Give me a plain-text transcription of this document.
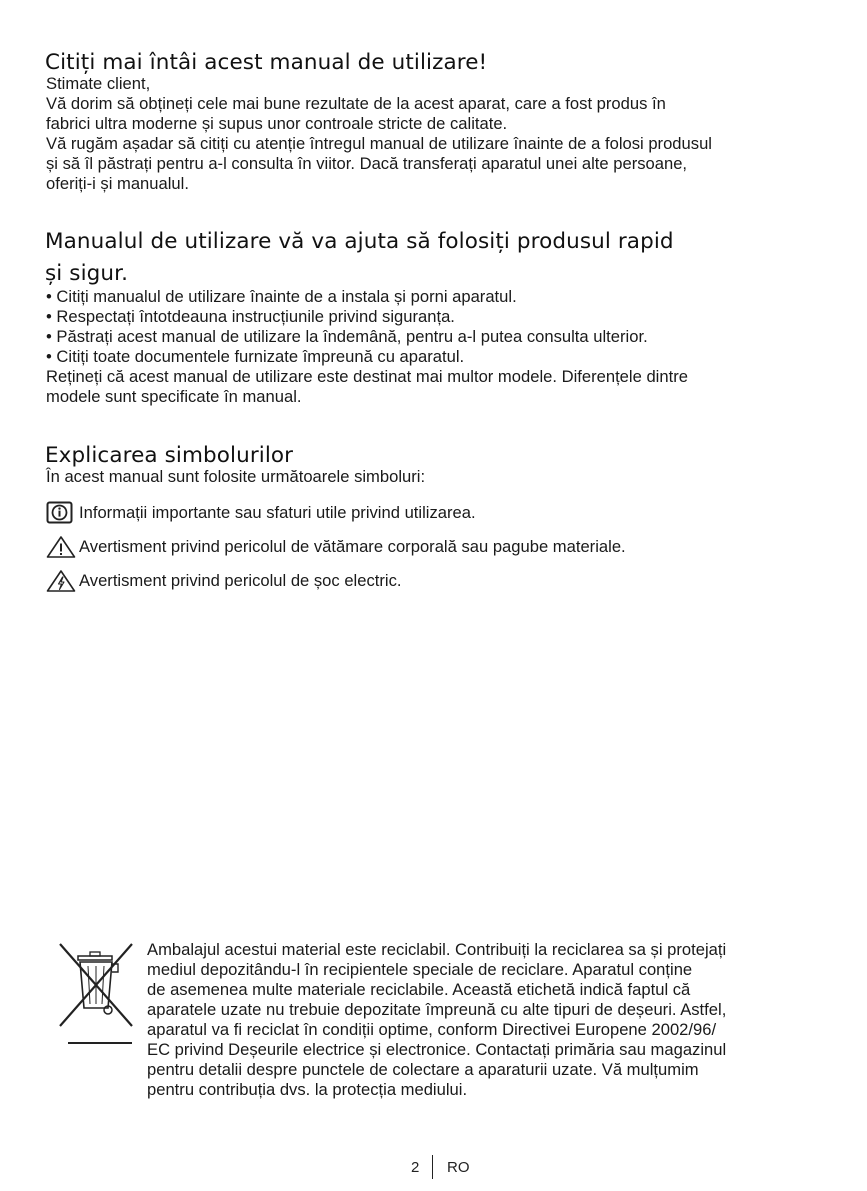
Citiți mai întâi acest manual de utilizare!
Stimate client,
Vă dorim să obțineți cele mai bune rezultate de la acest aparat, care a fost produs în
fabrici ultra moderne și supus unor controale stricte de calitate.
Vă rugăm așadar să citiți cu atenție întregul manual de utilizare înainte de a folosi produsul
și să îl păstrați pentru a-l consulta în viitor. Dacă transferați aparatul unei alte persoane,
oferiți-i și manualul.
Manualul de utilizare vă va ajuta să folosiți produsul rapid
și sigur.
• Citiți manualul de utilizare înainte de a instala și porni aparatul.
• Respectați întotdeauna instrucțiunile privind siguranța.
• Păstrați acest manual de utilizare la îndemână, pentru a-l putea consulta ulterior.
• Citiți toate documentele furnizate împreună cu aparatul.
Rețineți că acest manual de utilizare este destinat mai multor modele. Diferențele dintre
modele sunt specificate în manual.
Explicarea simbolurilor
În acest manual sunt folosite următoarele simboluri:
Informații importante sau sfaturi utile privind utilizarea.
Avertisment privind pericolul de vătămare corporală sau pagube materiale.
Avertisment privind pericolul de șoc electric.
Ambalajul acestui material este reciclabil. Contribuiți la reciclarea sa și protejați
mediul depozitându-l în recipientele speciale de reciclare. Aparatul conține
de asemenea multe materiale reciclabile. Această etichetă indică faptul că
aparatele uzate nu trebuie depozitate împreună cu alte tipuri de deșeuri. Astfel,
aparatul va fi reciclat în condiții optime, conform Directivei Europene 2002/96/
EC privind Deșeurile electrice și electronice. Contactați primăria sau magazinul
pentru detalii despre punctele de colectare a aparaturii uzate. Vă mulțumim
pentru contribuția dvs. la protecția mediului.
2 RO
